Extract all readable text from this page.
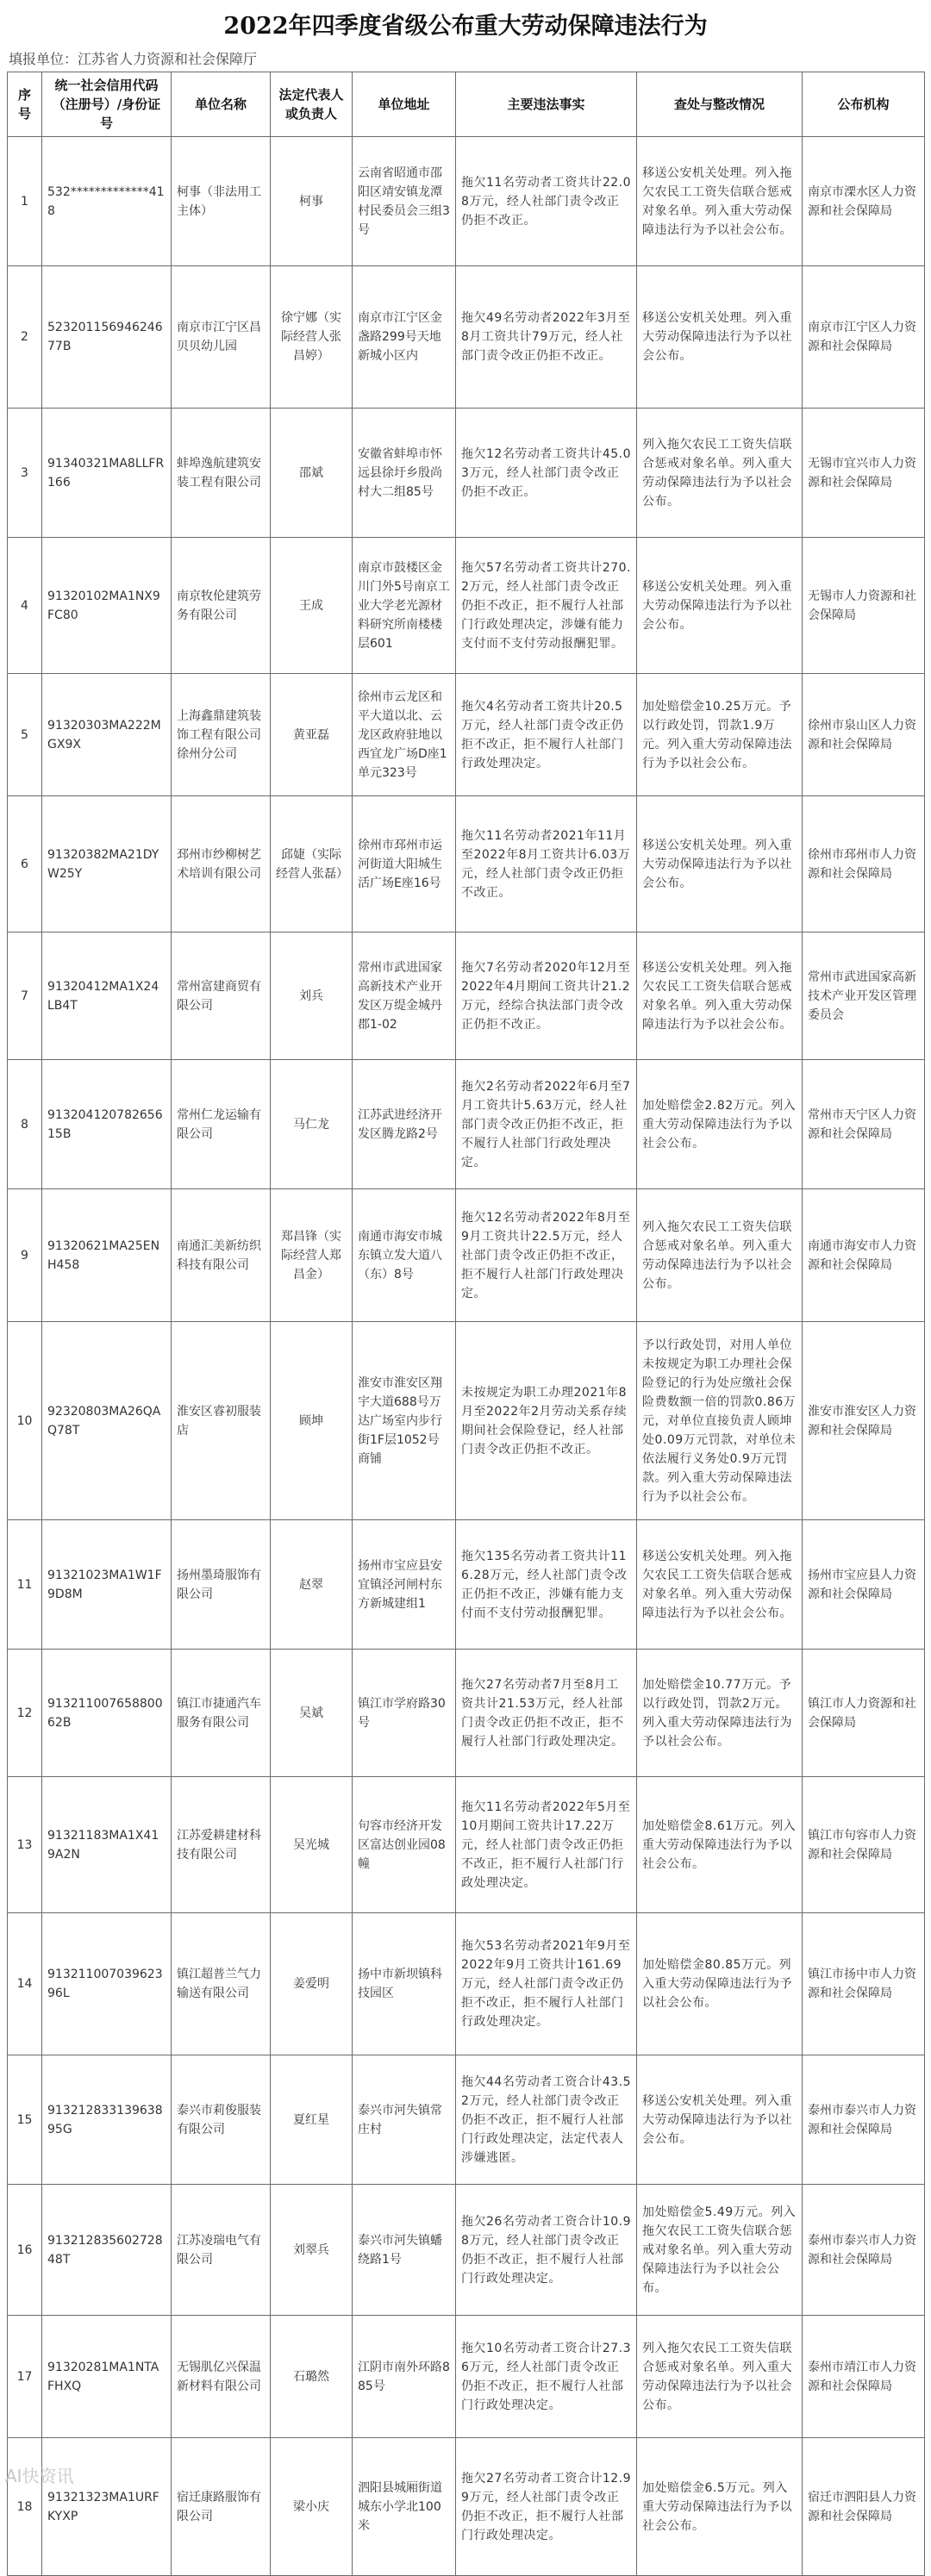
2022年四季度省级公布重大劳动保障违法行为
填报单位：江苏省人力资源和社会保障厅
序号	统一社会信用代码（注册号）/身份证号	单位名称	法定代表人或负责人	单位地址	主要违法事实	查处与整改情况	公布机构
1	532*************418	柯事（非法用工主体）	柯事	云南省昭通市邵阳区靖安镇龙潭村民委员会三组3号	拖欠11名劳动者工资共计22.08万元，经人社部门责令改正仍拒不改正。	移送公安机关处理。列入拖欠农民工工资失信联合惩戒对象名单。列入重大劳动保障违法行为予以社会公布。	南京市溧水区人力资源和社会保障局
2	52320115694624677B	南京市江宁区昌贝贝幼儿园	徐宁娜（实际经营人张昌婷）	南京市江宁区金盏路299号天地新城小区内	拖欠49名劳动者2022年3月至8月工资共计79万元，经人社部门责令改正仍拒不改正。	移送公安机关处理。列入重大劳动保障违法行为予以社会公布。	南京市江宁区人力资源和社会保障局
3	91340321MA8LLFR166	蚌埠逸航建筑安装工程有限公司	邵斌	安徽省蚌埠市怀远县徐圩乡殷尚村大二组85号	拖欠12名劳动者工资共计45.03万元，经人社部门责令改正仍拒不改正。	列入拖欠农民工工资失信联合惩戒对象名单。列入重大劳动保障违法行为予以社会公布。	无锡市宜兴市人力资源和社会保障局
4	91320102MA1NX9FC80	南京牧伦建筑劳务有限公司	王成	南京市鼓楼区金川门外5号南京工业大学老光源材料研究所南楼楼层601	拖欠57名劳动者工资共计270.2万元，经人社部门责令改正仍拒不改正，拒不履行人社部门行政处理决定，涉嫌有能力支付而不支付劳动报酬犯罪。	移送公安机关处理。列入重大劳动保障违法行为予以社会公布。	无锡市人力资源和社会保障局
5	91320303MA222MGX9X	上海鑫鼎建筑装饰工程有限公司徐州分公司	黄亚磊	徐州市云龙区和平大道以北、云龙区政府驻地以西宜龙广场D座1单元323号	拖欠4名劳动者工资共计20.5万元，经人社部门责令改正仍拒不改正，拒不履行人社部门行政处理决定。	加处赔偿金10.25万元。予以行政处罚，罚款1.9万元。列入重大劳动保障违法行为予以社会公布。	徐州市泉山区人力资源和社会保障局
6	91320382MA21DYW25Y	邳州市纱柳树艺术培训有限公司	邱婕（实际经营人张磊）	徐州市邳州市运河街道大阳城生活广场E座16号	拖欠11名劳动者2021年11月至2022年8月工资共计6.03万元，经人社部门责令改正仍拒不改正。	移送公安机关处理。列入重大劳动保障违法行为予以社会公布。	徐州市邳州市人力资源和社会保障局
7	91320412MA1X24LB4T	常州富建商贸有限公司	刘兵	常州市武进国家高新技术产业开发区万缇金城丹郡1-02	拖欠7名劳动者2020年12月至2022年4月期间工资共计21.2万元，经综合执法部门责令改正仍拒不改正。	移送公安机关处理。列入拖欠农民工工资失信联合惩戒对象名单。列入重大劳动保障违法行为予以社会公布。	常州市武进国家高新技术产业开发区管理委员会
8	91320412078265615B	常州仁龙运输有限公司	马仁龙	江苏武进经济开发区腾龙路2号	拖欠2名劳动者2022年6月至7月工资共计5.63万元，经人社部门责令改正仍拒不改正，拒不履行人社部门行政处理决定。	加处赔偿金2.82万元。列入重大劳动保障违法行为予以社会公布。	常州市天宁区人力资源和社会保障局
9	91320621MA25ENH458	南通汇美新纺织科技有限公司	郑昌锋（实际经营人郑昌金）	南通市海安市城东镇立发大道八（东）8号	拖欠12名劳动者2022年8月至9月工资共计22.5万元，经人社部门责令改正仍拒不改正，拒不履行人社部门行政处理决定。	列入拖欠农民工工资失信联合惩戒对象名单。列入重大劳动保障违法行为予以社会公布。	南通市海安市人力资源和社会保障局
10	92320803MA26QAQ78T	淮安区睿初服装店	顾坤	淮安市淮安区翔宇大道688号万达广场室内步行街1F层1052号商铺	未按规定为职工办理2021年8月至2022年2月劳动关系存续期间社会保险登记，经人社部门责令改正仍拒不改正。	予以行政处罚，对用人单位未按规定为职工办理社会保险登记的行为处应缴社会保险费数额一倍的罚款0.86万元，对单位直接负责人顾坤处0.09万元罚款，对单位未依法履行义务处0.9万元罚款。列入重大劳动保障违法行为予以社会公布。	淮安市淮安区人力资源和社会保障局
11	91321023MA1W1F9D8M	扬州墨琦服饰有限公司	赵翠	扬州市宝应县安宜镇泾河闸村东方新城建组1	拖欠135名劳动者工资共计116.28万元，经人社部门责令改正仍拒不改正，涉嫌有能力支付而不支付劳动报酬犯罪。	移送公安机关处理。列入拖欠农民工工资失信联合惩戒对象名单。列入重大劳动保障违法行为予以社会公布。	扬州市宝应县人力资源和社会保障局
12	91321100765880062B	镇江市捷通汽车服务有限公司	吴斌	镇江市学府路30号	拖欠27名劳动者7月至8月工资共计21.53万元，经人社部门责令改正仍拒不改正，拒不履行人社部门行政处理决定。	加处赔偿金10.77万元。予以行政处罚，罚款2万元。列入重大劳动保障违法行为予以社会公布。	镇江市人力资源和社会保障局
13	91321183MA1X419A2N	江苏爱耕建材科技有限公司	吴光城	句容市经济开发区富达创业园08幢	拖欠11名劳动者2022年5月至10月期间工资共计17.22万元，经人社部门责令改正仍拒不改正，拒不履行人社部门行政处理决定。	加处赔偿金8.61万元。列入重大劳动保障违法行为予以社会公布。	镇江市句容市人力资源和社会保障局
14	91321100703962396L	镇江超普兰气力输送有限公司	姜爱明	扬中市新坝镇科技园区	拖欠53名劳动者2021年9月至2022年9月工资共计161.69万元，经人社部门责令改正仍拒不改正，拒不履行人社部门行政处理决定。	加处赔偿金80.85万元。列入重大劳动保障违法行为予以社会公布。	镇江市扬中市人力资源和社会保障局
15	91321283313963895G	泰兴市莉俊服装有限公司	夏红星	泰兴市河失镇常庄村	拖欠44名劳动者工资合计43.52万元，经人社部门责令改正仍拒不改正，拒不履行人社部门行政处理决定，法定代表人涉嫌逃匿。	移送公安机关处理。列入重大劳动保障违法行为予以社会公布。	泰州市泰兴市人力资源和社会保障局
16	91321283560272848T	江苏凌瑞电气有限公司	刘翠兵	泰兴市河失镇蟠绕路1号	拖欠26名劳动者工资合计10.98万元，经人社部门责令改正仍拒不改正，拒不履行人社部门行政处理决定。	加处赔偿金5.49万元。列入拖欠农民工工资失信联合惩戒对象名单。列入重大劳动保障违法行为予以社会公布。	泰州市泰兴市人力资源和社会保障局
17	91320281MA1NTAFHXQ	无锡肌亿兴保温新材料有限公司	石璐然	江阴市南外环路885号	拖欠10名劳动者工资合计27.36万元，经人社部门责令改正仍拒不改正，拒不履行人社部门行政处理决定。	列入拖欠农民工工资失信联合惩戒对象名单。列入重大劳动保障违法行为予以社会公布。	泰州市靖江市人力资源和社会保障局
18	91321323MA1URFKYXP	宿迁康路服饰有限公司	梁小庆	泗阳县城厢街道城东小学北100米	拖欠27名劳动者工资合计12.99万元，经人社部门责令改正仍拒不改正，拒不履行人社部门行政处理决定。	加处赔偿金6.5万元。列入重大劳动保障违法行为予以社会公布。	宿迁市泗阳县人力资源和社会保障局
AI快资讯
